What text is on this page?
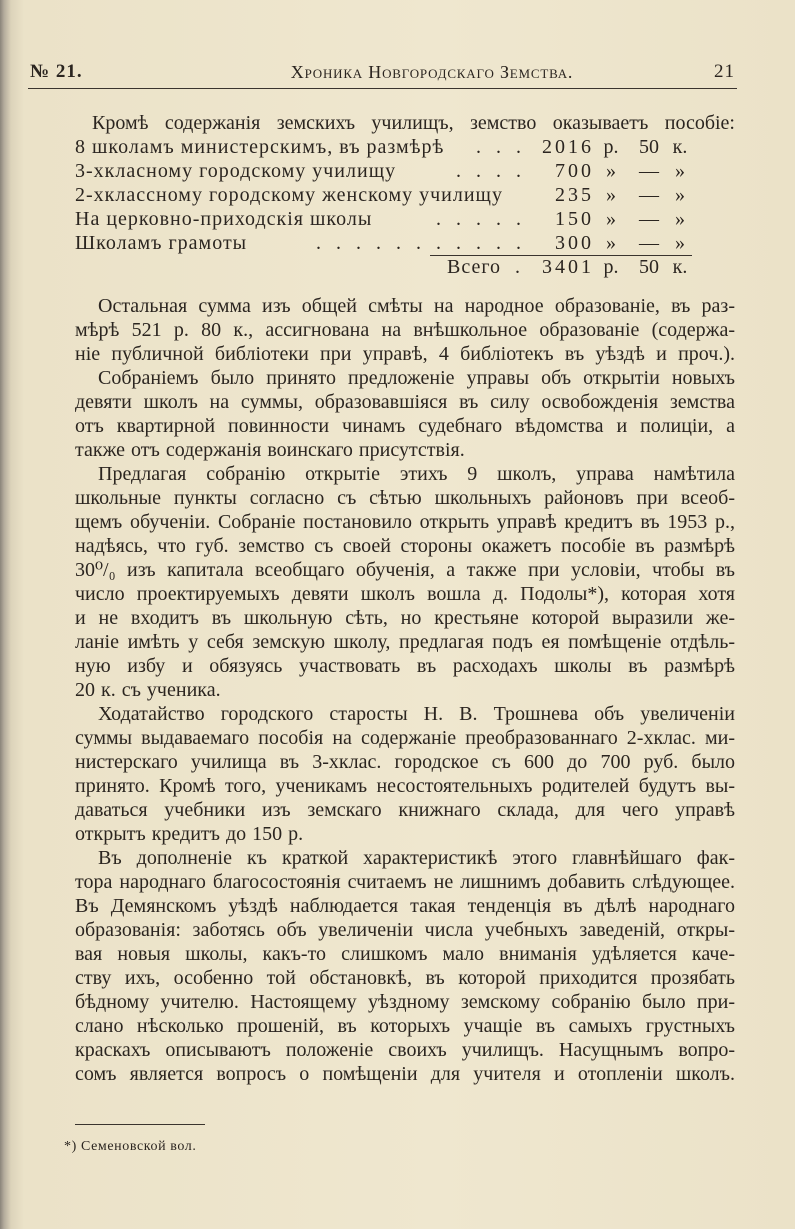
№ 21.	Хроника Новгородскаго Земства.	21
Кромѣ содержанія земскихъ училищъ, земство оказываетъ пособіе:
8 школамъ министерскимъ, въ размѣрѣ . . . 2016 р.	50 к.
3-хкласному городскому училищу	. . . .	700 »	— »
2-хклассному городскому женскому училищу	235 »	— »
На церковно-приходскія школы	. . . . .	150 »	— »
Школамъ грамоты	. . . . . . . . . . .	300 »	— »
Всего .	3401 р.	50 к.
Остальная сумма изъ общей смѣты на народное образованіе, въ раз-
мѣрѣ 521 р. 80 к., ассигнована на внѣшкольное образованіе (содержа-
ніе публичной библіотеки при управѣ, 4 библіотекъ въ уѣздѣ и проч.).
Собраніемъ было принято предложеніе управы объ открытіи новыхъ
девяти школъ на суммы, образовавшіяся въ силу освобожденія земства
отъ квартирной повинности чинамъ судебнаго вѣдомства и полиціи, а
также отъ содержанія воинскаго присутствія.
Предлагая собранію открытіе этихъ 9 школъ, управа намѣтила
школьные пункты согласно съ сѣтью школьныхъ районовъ при всеоб-
щемъ обученіи. Собраніе постановило открыть управѣ кредитъ въ 1953 р.,
надѣясь, что губ. земство съ своей стороны окажетъ пособіе въ размѣрѣ
30⁰/₀ изъ капитала всеобщаго обученія, а также при условіи, чтобы въ
число проектируемыхъ девяти школъ вошла д. Подолы*), которая хотя
и не входитъ въ школьную сѣть, но крестьяне которой выразили же-
ланіе имѣть у себя земскую школу, предлагая подъ ея помѣщеніе отдѣль-
ную избу и обязуясь участвовать въ расходахъ школы въ размѣрѣ
20 к. съ ученика.
Ходатайство городского старосты Н. В. Трошнева объ увеличеніи
суммы выдаваемаго пособія на содержаніе преобразованнаго 2-хклас. ми-
нистерскаго училища въ 3-хклас. городское съ 600 до 700 руб. было
принято. Кромѣ того, ученикамъ несостоятельныхъ родителей будутъ вы-
даваться учебники изъ земскаго книжнаго склада, для чего управѣ
открытъ кредитъ до 150 р.
Въ дополненіе къ краткой характеристикѣ этого главнѣйшаго фак-
тора народнаго благосостоянія считаемъ не лишнимъ добавить слѣдующее.
Въ Демянскомъ уѣздѣ наблюдается такая тенденція въ дѣлѣ народнаго
образованія: заботясь объ увеличеніи числа учебныхъ заведеній, откры-
вая новыя школы, какъ-то слишкомъ мало вниманія удѣляется каче-
ству ихъ, особенно той обстановкѣ, въ которой приходится прозябать
бѣдному учителю. Настоящему уѣздному земскому собранію было при-
слано нѣсколько прошеній, въ которыхъ учащіе въ самыхъ грустныхъ
краскахъ описываютъ положеніе своихъ училищъ. Насущнымъ вопро-
сомъ является вопросъ о помѣщеніи для учителя и отопленіи школъ.
*) Семеновской вол.
